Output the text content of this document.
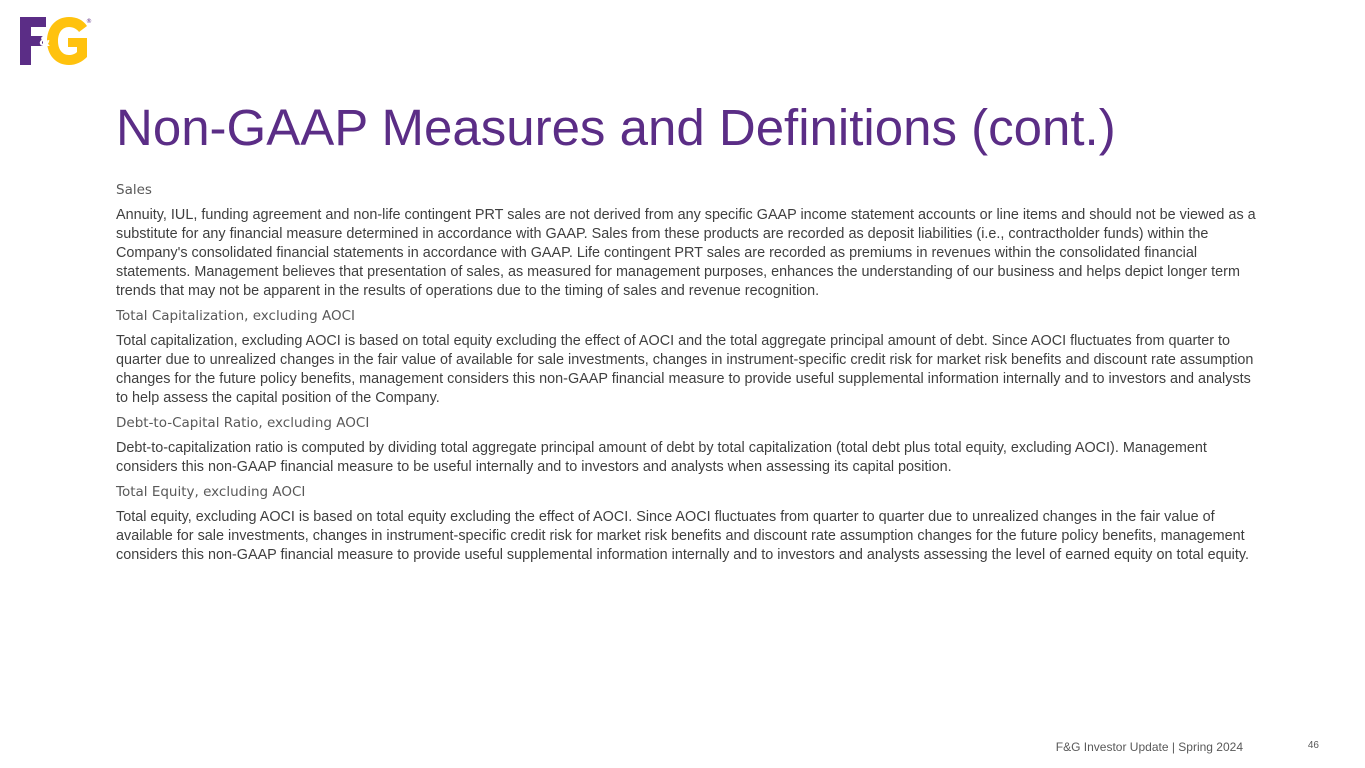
&
®
Non-GAAP Measures and Definitions (cont.)

Sales

Annuity, IUL, funding agreement and non-life contingent PRT sales are not derived from any specific GAAP income statement accounts or line items and should not be viewed as a substitute for any financial measure determined in accordance with GAAP. Sales from these products are recorded as deposit liabilities (i.e., contractholder funds) within the Company's consolidated financial statements in accordance with GAAP. Life contingent PRT sales are recorded as premiums in revenues within the consolidated financial statements. Management believes that presentation of sales, as measured for management purposes, enhances the understanding of our business and helps depict longer term trends that may not be apparent in the results of operations due to the timing of sales and revenue recognition.

Total Capitalization, excluding AOCI

Total capitalization, excluding AOCI is based on total equity excluding the effect of AOCI and the total aggregate principal amount of debt. Since AOCI fluctuates from quarter to quarter due to unrealized changes in the fair value of available for sale investments, changes in instrument-specific credit risk for market risk benefits and discount rate assumption changes for the future policy benefits, management considers this non-GAAP financial measure to provide useful supplemental information internally and to investors and analysts to help assess the capital position of the Company.

Debt-to-Capital Ratio, excluding AOCI

Debt-to-capitalization ratio is computed by dividing total aggregate principal amount of debt by total capitalization (total debt plus total equity, excluding AOCI). Management considers this non-GAAP financial measure to be useful internally and to investors and analysts when assessing its capital position.

Total Equity, excluding AOCI

Total equity, excluding AOCI is based on total equity excluding the effect of AOCI. Since AOCI fluctuates from quarter to quarter due to unrealized changes in the fair value of available for sale investments, changes in instrument-specific credit risk for market risk benefits and discount rate assumption changes for the future policy benefits, management considers this non-GAAP financial measure to provide useful supplemental information internally and to investors and analysts assessing the level of earned equity on total equity.

F&G Investor Update | Spring 2024	46
